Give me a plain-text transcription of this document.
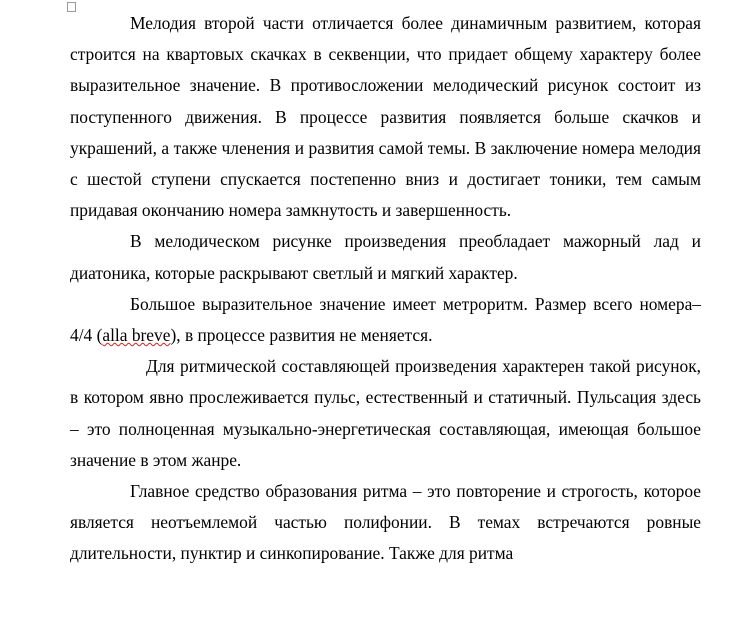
Мелодия второй части отличается более динамичным развитием, которая строится на квартовых скачках в секвенции, что придает общему характеру более выразительное значение. В противосложении мелодический рисунок состоит из поступенного движения. В процессе развития появляется больше скачков и украшений, а также членения и развития самой темы. В заключение номера мелодия с шестой ступени спускается постепенно вниз и достигает тоники, тем самым придавая окончанию номера замкнутость и завершенность.

В мелодическом рисунке произведения преобладает мажорный лад и диатоника, которые раскрывают светлый и мягкий характер.

Большое выразительное значение имеет метроритм. Размер всего номера– 4/4 (alla breve), в процессе развития не меняется.

Для ритмической составляющей произведения характерен такой рисунок, в котором явно прослеживается пульс, естественный и статичный. Пульсация здесь – это полноценная музыкально-энергетическая составляющая, имеющая большое значение в этом жанре.

Главное средство образования ритма – это повторение и строгость, которое является неотъемлемой частью полифонии. В темах встречаются ровные длительности, пунктир и синкопирование. Также для ритма
